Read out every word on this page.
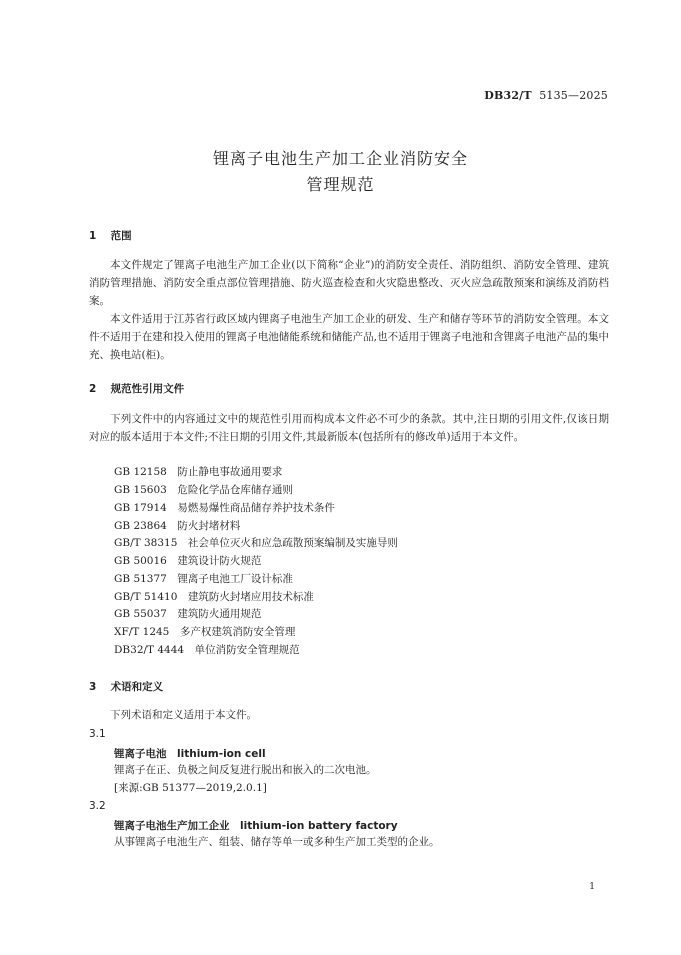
DB32/T 5135—2025
锂离子电池生产加工企业消防安全
管理规范
1 范围

本文件规定了锂离子电池生产加工企业(以下简称“企业”)的消防安全责任、消防组织、消防安全管理、建筑消防管理措施、消防安全重点部位管理措施、防火巡查检查和火灾隐患整改、灭火应急疏散预案和演练及消防档案。

本文件适用于江苏省行政区域内锂离子电池生产加工企业的研发、生产和储存等环节的消防安全管理。本文件不适用于在建和投入使用的锂离子电池储能系统和储能产品,也不适用于锂离子电池和含锂离子电池产品的集中充、换电站(柜)。

2 规范性引用文件

下列文件中的内容通过文中的规范性引用而构成本文件必不可少的条款。其中,注日期的引用文件,仅该日期对应的版本适用于本文件;不注日期的引用文件,其最新版本(包括所有的修改单)适用于本文件。

GB 12158　防止静电事故通用要求
GB 15603　危险化学品仓库储存通则
GB 17914　易燃易爆性商品储存养护技术条件
GB 23864　防火封堵材料
GB/T 38315　社会单位灭火和应急疏散预案编制及实施导则
GB 50016　建筑设计防火规范
GB 51377　锂离子电池工厂设计标准
GB/T 51410　建筑防火封堵应用技术标准
GB 55037　建筑防火通用规范
XF/T 1245　多产权建筑消防安全管理
DB32/T 4444　单位消防安全管理规范
3 术语和定义

下列术语和定义适用于本文件。

3.1
锂离子电池　lithium-ion cell
锂离子在正、负极之间反复进行脱出和嵌入的二次电池。
[来源:GB 51377—2019,2.0.1]
3.2
锂离子电池生产加工企业　lithium-ion battery factory
从事锂离子电池生产、组装、储存等单一或多种生产加工类型的企业。
1
